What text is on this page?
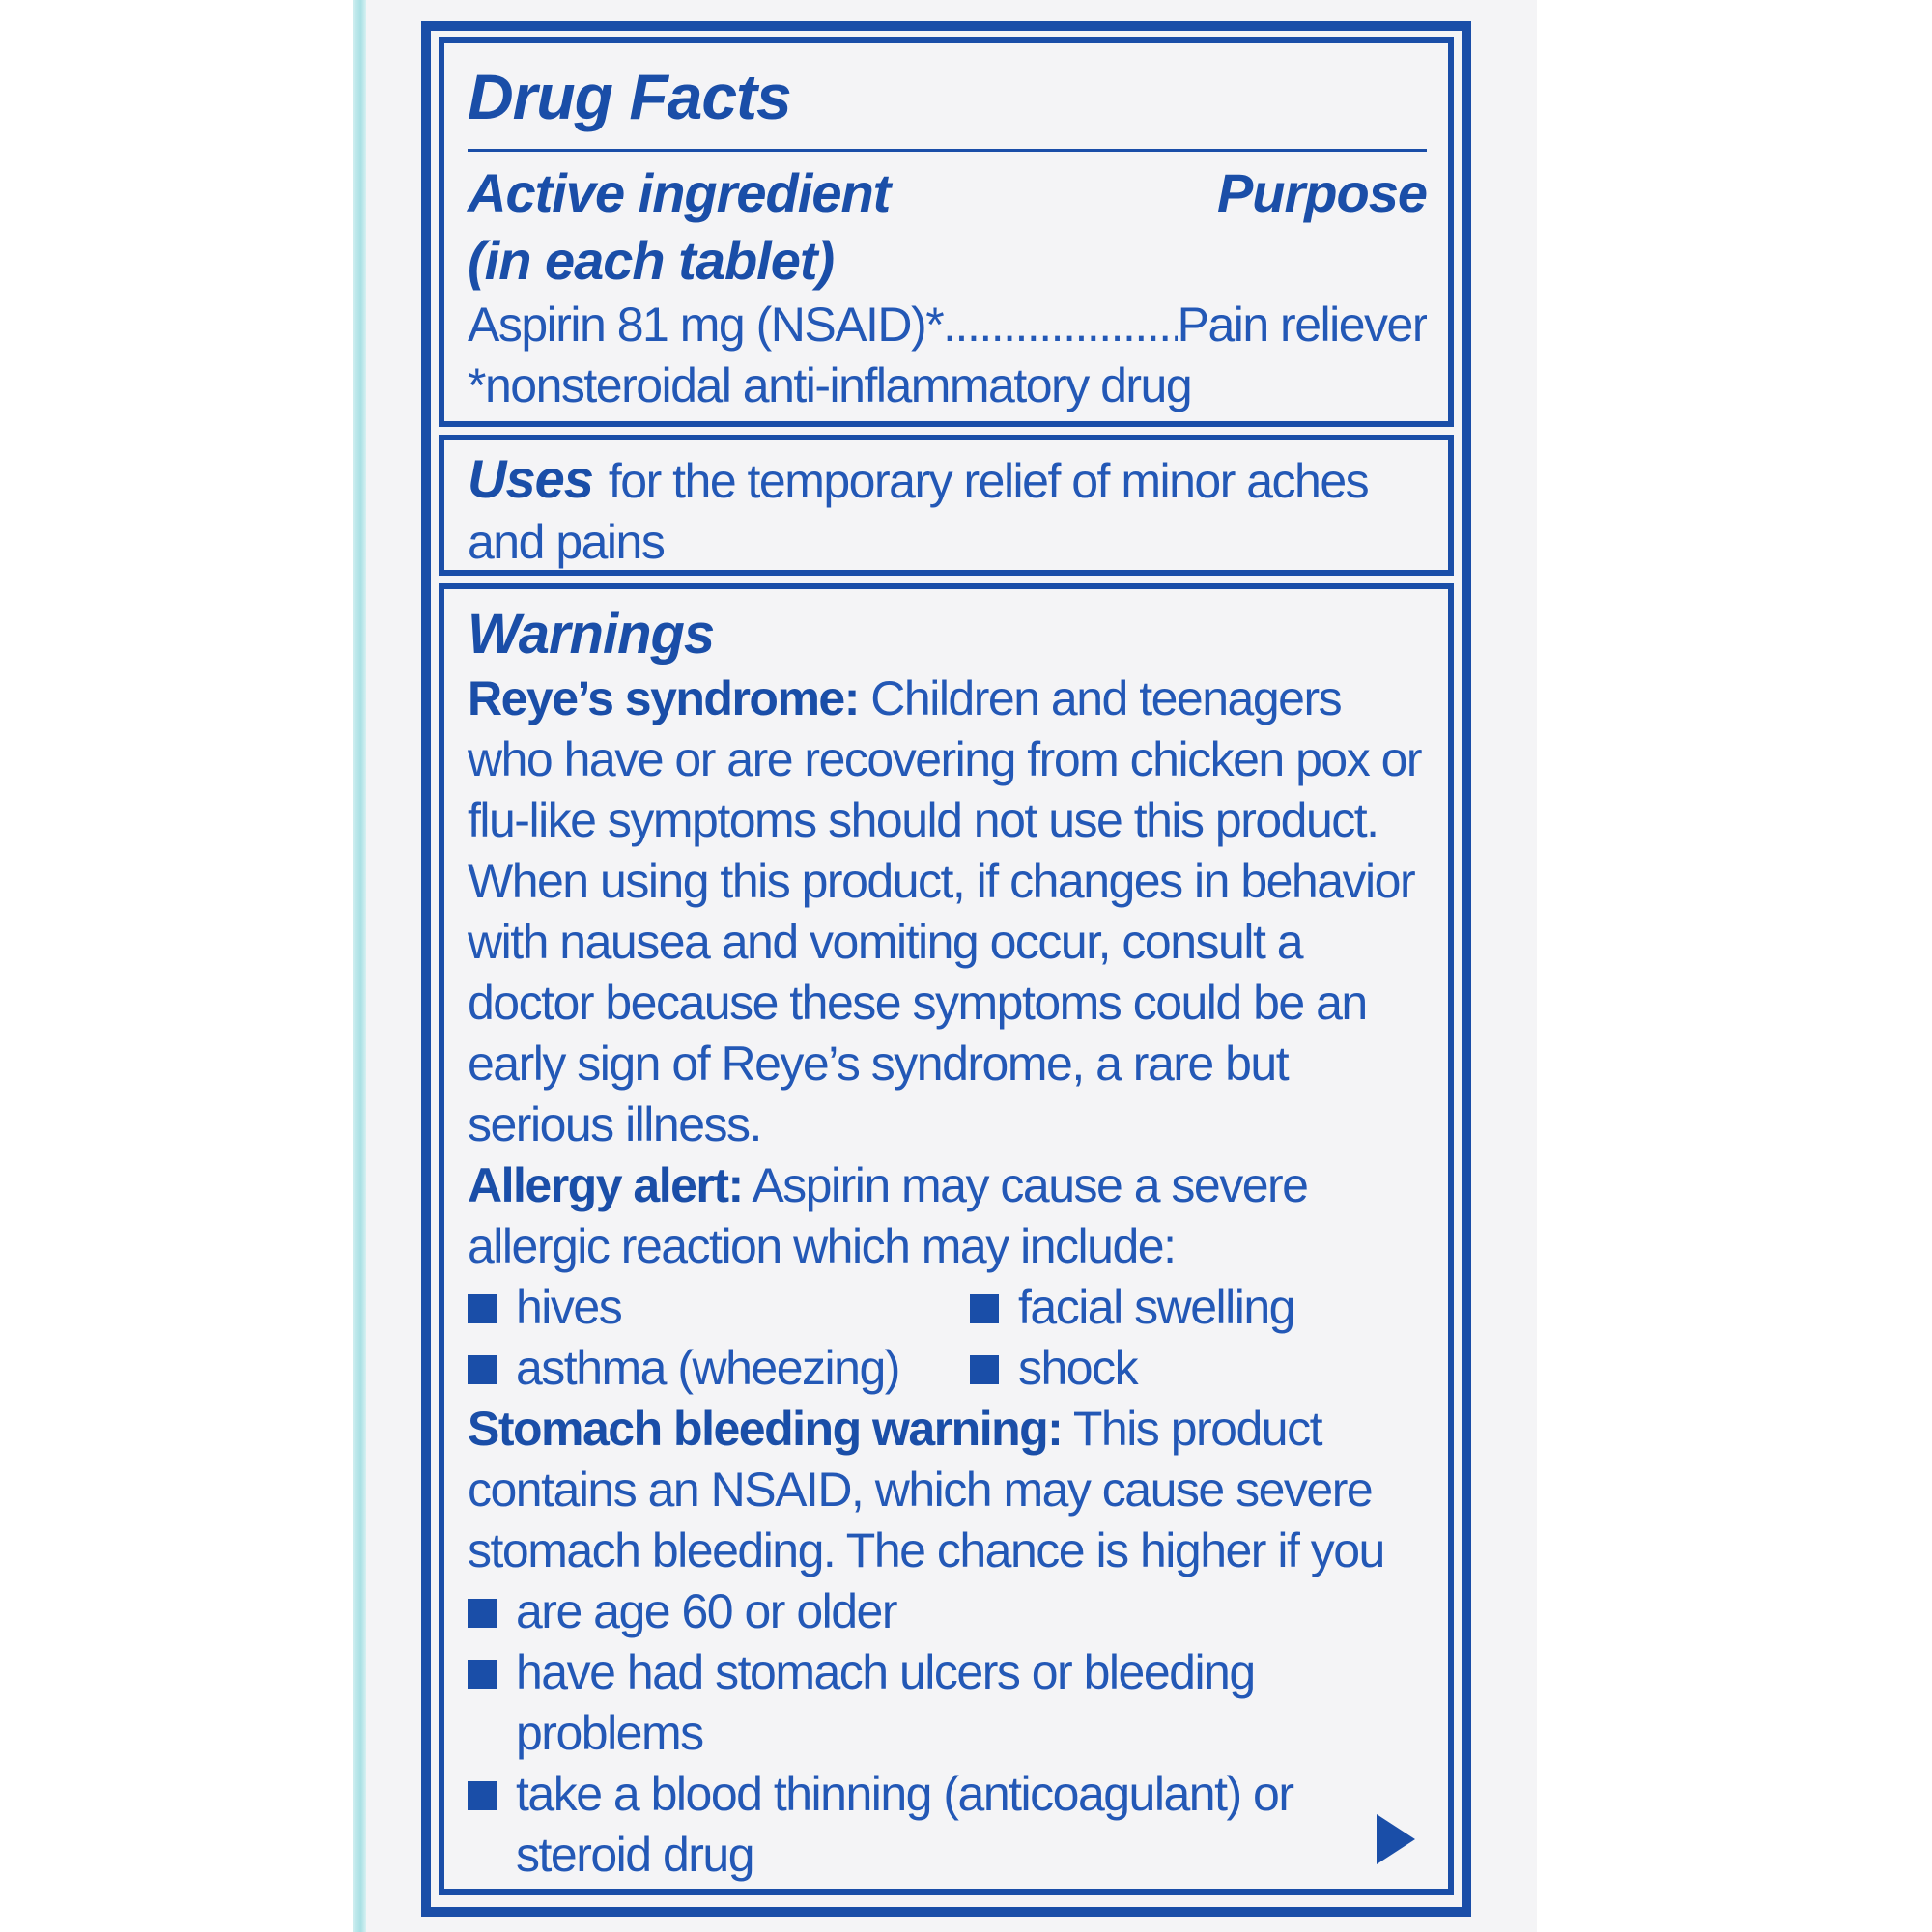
Drug Facts
Active ingredient
(in each tablet)
Purpose
Aspirin 81 mg (NSAID)*
.....	Pain reliever
*nonsteroidal anti-inflammatory drug
Uses for the temporary relief of minor aches and pains
Warnings
Reye’s syndrome: Children and teenagers who have or are recovering from chicken pox or flu-like symptoms should not use this product. When using this product, if changes in behavior with nausea and vomiting occur, consult a doctor because these symptoms could be an early sign of Reye’s syndrome, a rare but serious illness.
Allergy alert: Aspirin may cause a severe allergic reaction which may include:
hives	facial swelling
asthma (wheezing) shock
Stomach bleeding warning: This product contains an NSAID, which may cause severe stomach bleeding. The chance is higher if you
are age 60 or older
have had stomach ulcers or bleeding problems
take a blood thinning (anticoagulant) or steroid drug
